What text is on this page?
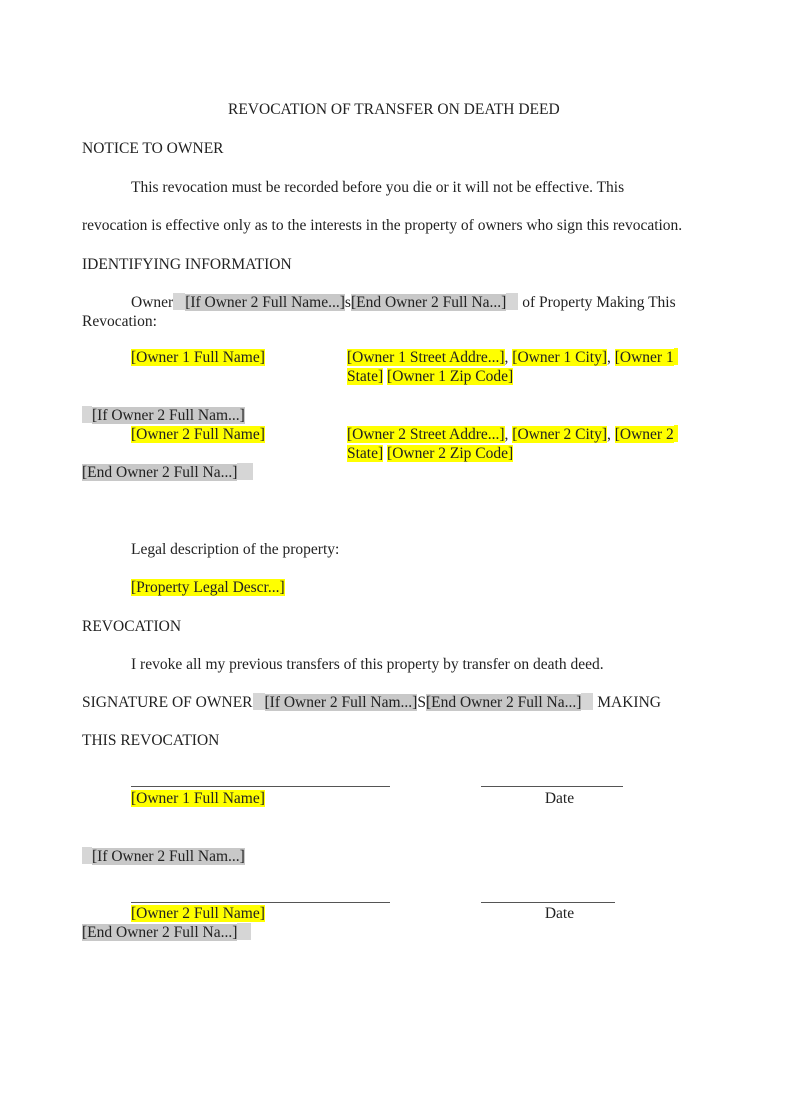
REVOCATION OF TRANSFER ON DEATH DEED
NOTICE TO OWNER
This revocation must be recorded before you die or it will not be effective. This
revocation is effective only as to the interests in the property of owners who sign this revocation.
IDENTIFYING INFORMATION
Owner [If Owner 2 Full Name...]s[End Owner 2 Full Na...] of Property Making This
Revocation:
[Owner 1 Full Name]	[Owner 1 Street Addre...], [Owner 1 City], [Owner 1
State] [Owner 1 Zip Code]
[If Owner 2 Full Nam...]
[Owner 2 Full Name]	[Owner 2 Street Addre...], [Owner 2 City], [Owner 2
State] [Owner 2 Zip Code]
[End Owner 2 Full Na...]
Legal description of the property:
[Property Legal Descr...]
REVOCATION
I revoke all my previous transfers of this property by transfer on death deed.
SIGNATURE OF OWNER [If Owner 2 Full Nam...]S[End Owner 2 Full Na...] MAKING
THIS REVOCATION
[Owner 1 Full Name]	Date
[If Owner 2 Full Nam...]
[Owner 2 Full Name]	Date
[End Owner 2 Full Na...]
